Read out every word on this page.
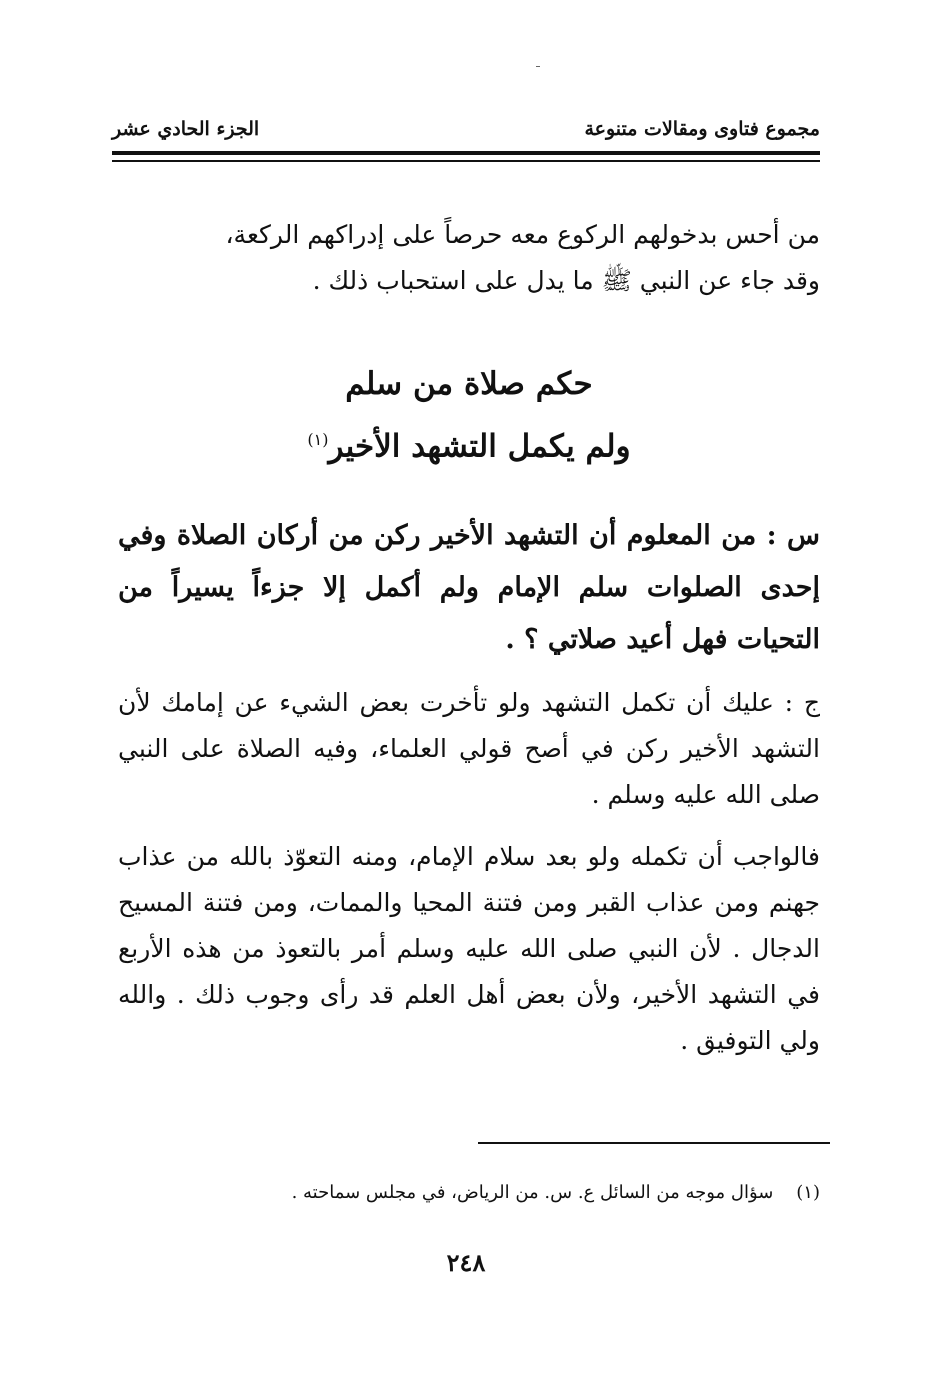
مجموع فتاوى ومقالات متنوعة
الجزء الحادي عشر

من أحس بدخولهم الركوع معه حرصاً على إدراكهم الركعة،

وقد جاء عن النبي ﷺ ما يدل على استحباب ذلك .

حكم صلاة من سلم
ولم يكمل التشهد الأخير$^{(١)}$

س : من المعلوم أن التشهد الأخير ركن من أركان الصلاة وفي إحدى الصلوات سلم الإمام ولم أكمل إلا جزءاً يسيراً من التحيات فهل أعيد صلاتي ؟ .

ج : عليك أن تكمل التشهد ولو تأخرت بعض الشيء عن إمامك لأن التشهد الأخير ركن في أصح قولي العلماء، وفيه الصلاة على النبي صلى الله عليه وسلم .

فالواجب أن تكمله ولو بعد سلام الإمام، ومنه التعوّذ بالله من عذاب جهنم ومن عذاب القبر ومن فتنة المحيا والممات، ومن فتنة المسيح الدجال . لأن النبي صلى الله عليه وسلم أمر بالتعوذ من هذه الأربع في التشهد الأخير، ولأن بعض أهل العلم قد رأى وجوب ذلك . والله ولي التوفيق .

(١)    سؤال موجه من السائل ع. س. من الرياض، في مجلس سماحته .
٢٤٨
